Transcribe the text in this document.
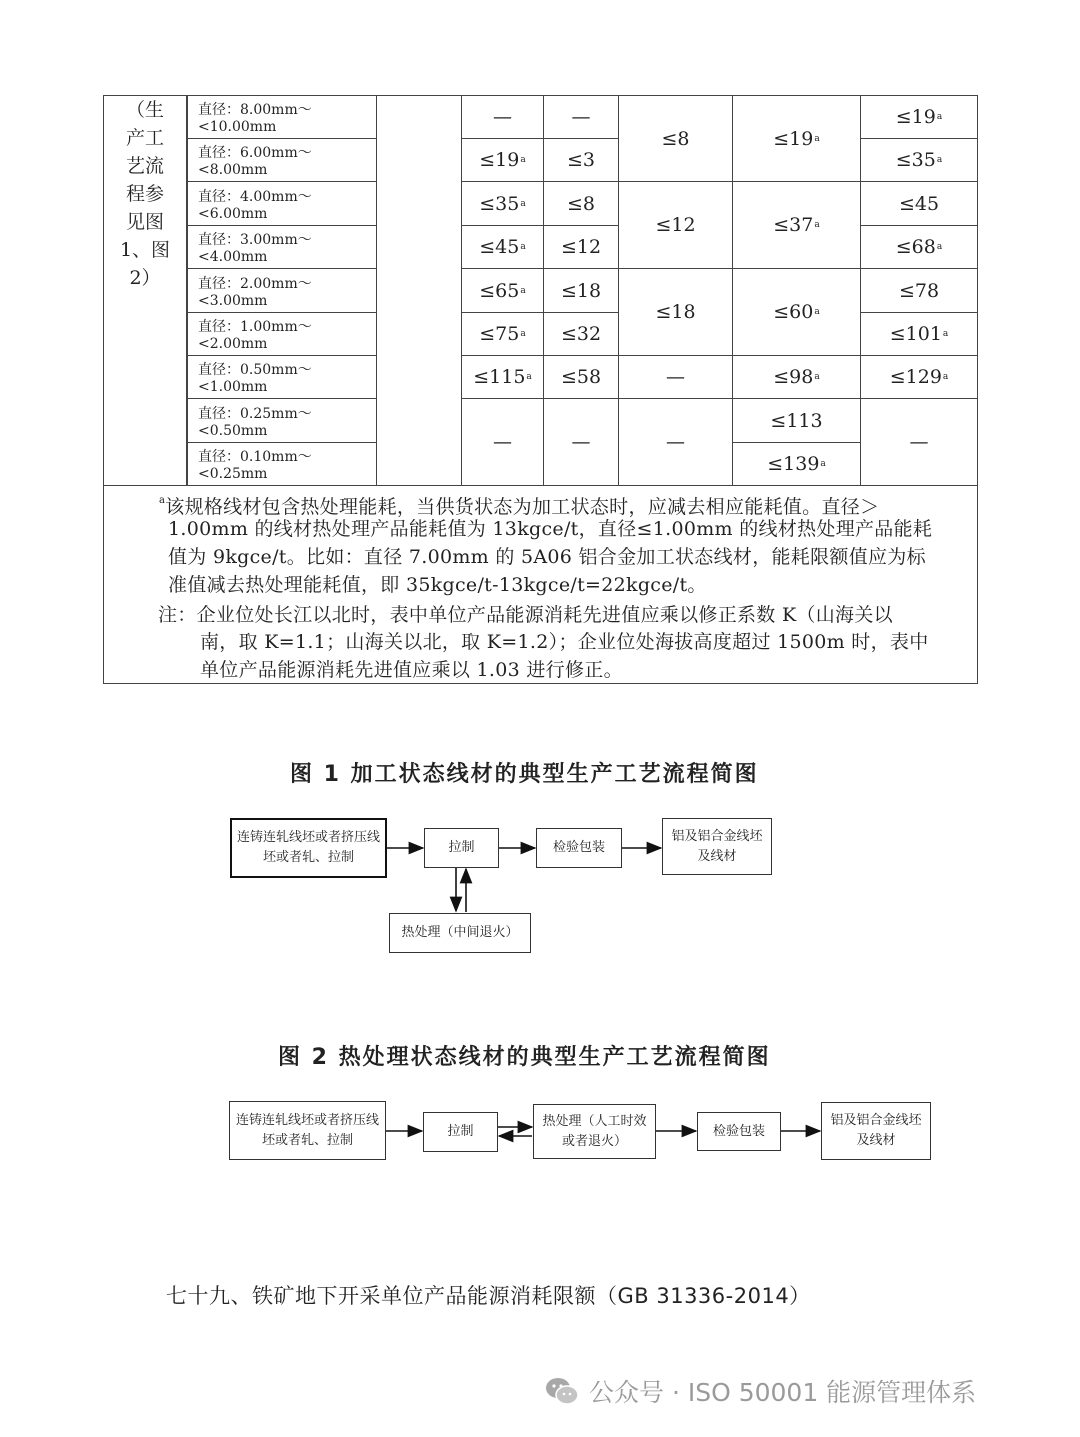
（生
产工
艺流
程参
见图
1、图
2）
直径：8.00mm～<10.00mm
直径：6.00mm～<8.00mm
直径：4.00mm～<6.00mm
直径：3.00mm～<4.00mm
直径：2.00mm～<3.00mm
直径：1.00mm～<2.00mm
直径：0.50mm～<1.00mm
直径：0.25mm～<0.50mm
直径：0.10mm～<0.25mm
—
≤19 a
≤35 a
≤45 a
≤65 a
≤75 a
≤115 a
—
—
≤3
≤8
≤12
≤18
≤32
≤58
—
≤8
≤12
≤18
—
—
≤19 a
≤37 a
≤60 a
≤98 a
≤113
≤139 a
≤19 a
≤35 a
≤45
≤68 a
≤78
≤101 a
≤129 a
—
$^a$该规格线材包含热处理能耗，当供货状态为加工状态时，应减去相应能耗值。直径＞
1.00mm 的线材热处理产品能耗值为 13kgce/t，直径≤1.00mm 的线材热处理产品能耗
值为 9kgce/t。比如：直径 7.00mm 的 5A06 铝合金加工状态线材，能耗限额值应为标
准值减去热处理能耗值，即 35kgce/t-13kgce/t=22kgce/t。
注：企业位处长江以北时，表中单位产品能源消耗先进值应乘以修正系数 K（山海关以
南，取 K=1.1；山海关以北，取 K=1.2）；企业位处海拔高度超过 1500m 时，表中
单位产品能源消耗先进值应乘以 1.03 进行修正。
图 1 加工状态线材的典型生产工艺流程简图
连铸连轧线坯或者挤压线坯或者轧、拉制
拉制	检验包装
铝及铝合金线坯及线材
热处理（中间退火）
图 2 热处理状态线材的典型生产工艺流程简图
连铸连轧线坯或者挤压线坯或者轧、拉制
拉制
热处理（人工时效或者退火）
检验包装
铝及铝合金线坯及线材
七十九、铁矿地下开采单位产品能源消耗限额（GB 31336-2014）
公众号 · ISO 50001 能源管理体系
